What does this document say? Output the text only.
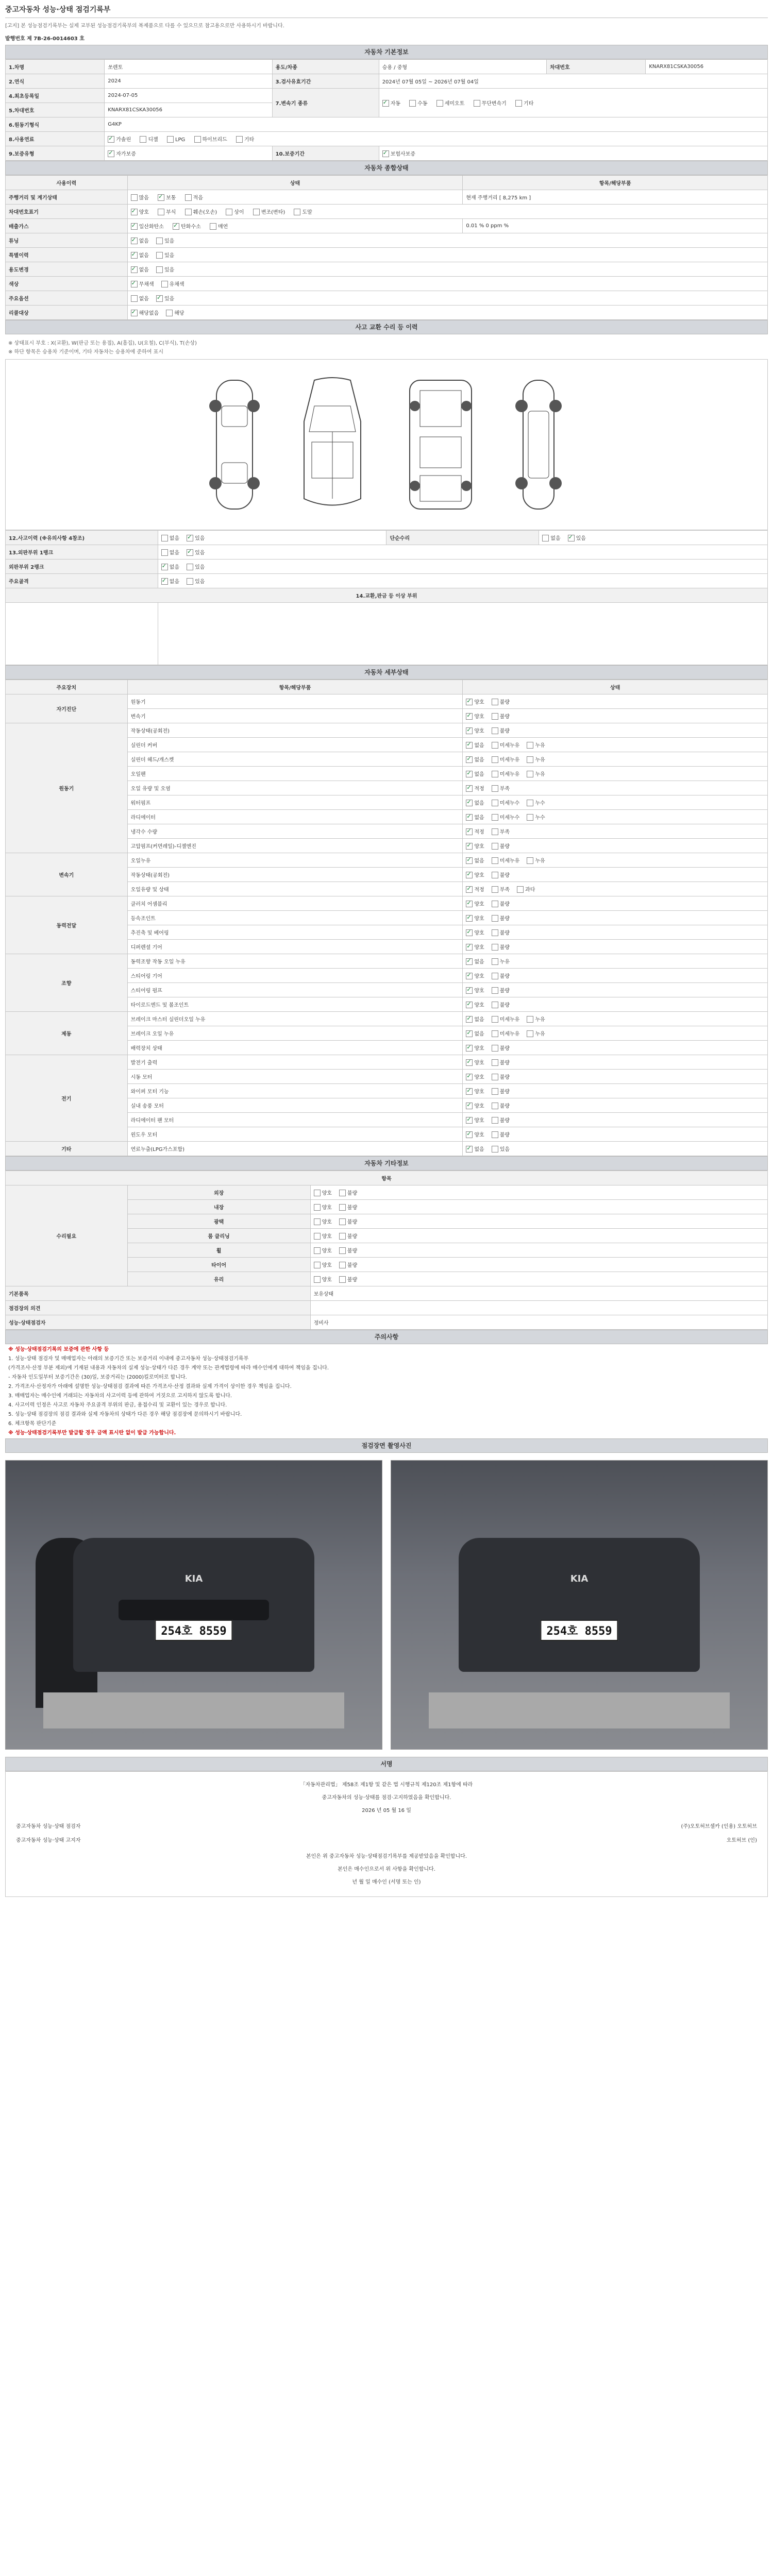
중고자동차 성능·상태 점검기록부
[고지] 본 성능점검기록부는 실제 교부된 성능점검기록부의 복제품으로 다를 수 있으므로 참고용으로만 사용하시기 바랍니다.
발행번호 제 7B-26-0014603 호
자동차 기본정보
1.차명	쏘렌토	용도/차종	승용 / 중형	차대번호	KNARX81CSKA30056
2.연식	2024	3.검사유효기간	2024년 07월 05일 ~ 2026년 07월 04일		
4.최초등록일	2024-07-05	7.변속기 종류	✓자동 수동 세미오토 무단변속기 기타
5.차대번호	KNARX81CSKA30056				
6.원동기형식	G4KP				
8.사용연료	✓가솔린 디젤 LPG 하이브리드 기타
9.보증유형	✓자가보증	10.보증기간	✓보험사보증
자동차 종합상태
사용이력	상태	항목/해당부품
주행거리 및 계기상태	많음 ✓ 보통 적음	현재 주행거리 [ 8,275 km ]
차대번호표기	✓양호 부식 훼손(오손) 상이 변조(변타) 도말
배출가스	✓일산화탄소 ✓ 탄화수소 매연	0.01 % 0 ppm %
튜닝	✓없음 있음
특별이력	✓없음 있음
용도변경	✓없음 있음
색상	✓무채색 유채색
주요옵션	없음 ✓ 있음
리콜대상	✓해당없음 해당
사고 교환 수리 등 이력
※ 상태표시 부호 : X(교환), W(판금 또는 용접), A(흠집), U(요철), C(부식), T(손상)
※ 하단 항목은 승용차 기준이며, 기타 자동차는 승용차에 준하여 표시
12.사고이력 (※유의사항 4참조)	없음 ✓ 있음	단순수리	없음 ✓ 있음
13.외판부위 1랭크	없음 ✓ 있음
외판부위 2랭크	✓없음 있음
주요골격	✓없음 있음
14.교환,판금 등 이상 부위			

자동차 세부상태
주요장치	항목/해당부품	상태
자기진단	원동기	✓양호 불량
	변속기	✓양호 불량
원동기	작동상태(공회전)	✓양호 불량
	실린더 커버	✓없음 미세누유 누유
	실린더 헤드/개스켓	✓없음 미세누유 누유
	오일팬	✓없음 미세누유 누유
	오일 유량 및 오염	✓적정 부족
	워터펌프	✓없음 미세누수 누수
	라디에이터	✓없음 미세누수 누수
	냉각수 수량	✓적정 부족
	고압펌프(커먼레일)-디젤엔진	✓양호 불량
변속기	오일누유	✓없음 미세누유 누유
	작동상태(공회전)	✓양호 불량
	오일유량 및 상태	✓적정 부족 과다
동력전달	클러치 어셈블리	✓양호 불량
	등속조인트	✓양호 불량
	추진축 및 베어링	✓양호 불량
	디퍼렌셜 기어	✓양호 불량
조향	동력조향 작동 오일 누유	✓없음 누유
	스티어링 기어	✓양호 불량
	스티어링 펌프	✓양호 불량
	타이로드엔드 및 볼조인트	✓양호 불량
제동	브레이크 마스터 실린더오일 누유	✓없음 미세누유 누유
	브레이크 오일 누유	✓없음 미세누유 누유
	배력장치 상태	✓양호 불량
전기	발전기 출력	✓양호 불량
	시동 모터	✓양호 불량
	와이퍼 모터 기능	✓양호 불량
	실내 송풍 모터	✓양호 불량
	라디에이터 팬 모터	✓양호 불량
	윈도우 모터	✓양호 불량
기타	연료누출(LPG가스포함)	✓없음 있음
자동차 기타정보
항목		
수리필요	외장	양호 불량
	내장	양호 불량
	광택	양호 불량
	룸 클리닝	양호 불량
	휠	양호 불량
	타이어	양호 불량
	유리	양호 불량
기본품목		보유상태
점검장의 의견		
성능·상태점검자		정비사
주의사항

※ 성능·상태점검기록의 보증에 관한 사항 등

1. 성능·상태 점검자 및 매매업자는 아래의 보증기간 또는 보증거리 이내에 중고자동차 성능·상태점검기록부

(가격조사·산정 부분 제외)에 기재된 내용과 자동차의 실제 성능·상태가 다른 경우 계약 또는 관계법령에 따라 매수인에게 대하여 책임을 집니다.

- 자동차 인도일부터 보증기간은 (30)일, 보증거리는 (2000)킬로미터로 합니다.

2. 가격조사·산정자가 아래에 설명한 성능·상태점검 결과에 따른 가격조사·산정 결과와 실제 가격이 상이한 경우 책임을 집니다.

3. 매매업자는 매수인에 거래되는 자동차의 사고이력 등에 관하여 거짓으로 고지하지 않도록 합니다.

4. 사고이력 인정은 사고로 자동차 주요골격 부위의 판금, 용접수리 및 교환이 있는 경우로 합니다.

5. 성능·상태 점검장의 점검 결과와 실제 자동차의 상태가 다른 경우 해당 점검장에 문의하시기 바랍니다.

6. 체크항목 판단기준

※ 성능·상태점검기록부만 발급할 경우 금액 표시란 없이 발급 가능합니다.

점검장면 촬영사진
KIA
254호 8559
KIA
254호 8559
서명

「자동차관리법」 제58조 제1항 및 같은 법 시행규칙 제120조 제1항에 따라

중고자동차의 성능·상태를 점검·고지하였음을 확인합니다.

2026 년 05 월 16 일

중고자동차 성능·상태 점검자	(주)오토허브셀카 (인용) 오토허브
중고자동차 성능·상태 고지자	오토허브 (인)

본인은 위 중고자동차 성능·상태점검기록부를 제공받았음을 확인합니다.

본인은 매수인으로서 위 사항을 확인합니다.

년 월 일 매수인 (서명 또는 인)
